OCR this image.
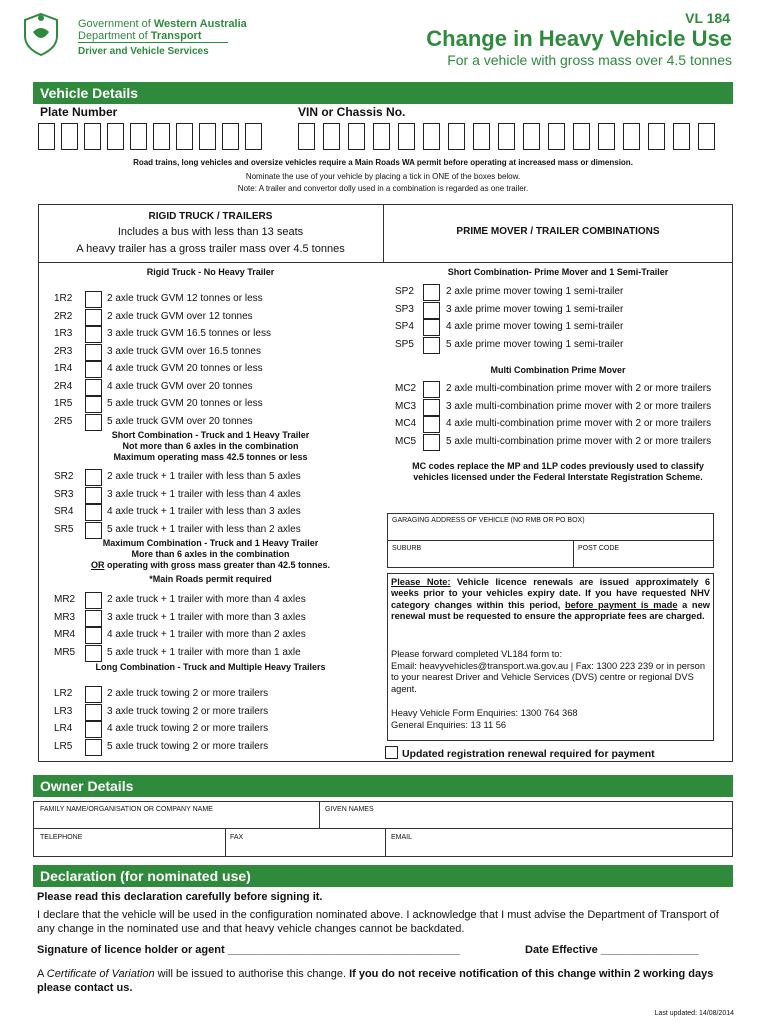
Government of Western Australia
Department of Transport
Driver and Vehicle Services
VL 184
Change in Heavy Vehicle Use
For a vehicle with gross mass over 4.5 tonnes
Vehicle Details
Plate Number	VIN or Chassis No.
Road trains, long vehicles and oversize vehicles require a Main Roads WA permit before operating at increased mass or dimension.
Nominate the use of your vehicle by placing a tick in ONE of the boxes below.
Note: A trailer and convertor dolly used in a combination is regarded as one trailer.
RIGID TRUCK / TRAILERS
Includes a bus with less than 13 seats
A heavy trailer has a gross trailer mass over 4.5 tonnes
PRIME MOVER / TRAILER COMBINATIONS
Rigid Truck - No Heavy Trailer
1R2	2 axle truck GVM 12 tonnes or less
2R2	2 axle truck GVM over 12 tonnes
1R3	3 axle truck GVM 16.5 tonnes or less
2R3	3 axle truck GVM over 16.5 tonnes
1R4	4 axle truck GVM 20 tonnes or less
2R4	4 axle truck GVM over 20 tonnes
1R5	5 axle truck GVM 20 tonnes or less
2R5	5 axle truck GVM over 20 tonnes
Short Combination - Truck and 1 Heavy Trailer
Not more than 6 axles in the combination
Maximum operating mass 42.5 tonnes or less
SR2	2 axle truck + 1 trailer with less than 5 axles
SR3	3 axle truck + 1 trailer with less than 4 axles
SR4	4 axle truck + 1 trailer with less than 3 axles
SR5	5 axle truck + 1 trailer with less than 2 axles
Maximum Combination - Truck and 1 Heavy Trailer
More than 6 axles in the combination
OR operating with gross mass greater than 42.5 tonnes.
*Main Roads permit required
MR2	2 axle truck + 1 trailer with more than 4 axles
MR3	3 axle truck + 1 trailer with more than 3 axles
MR4	4 axle truck + 1 trailer with more than 2 axles
MR5	5 axle truck + 1 trailer with more than 1 axle
Long Combination - Truck and Multiple Heavy Trailers
LR2	2 axle truck towing 2 or more trailers
LR3	3 axle truck towing 2 or more trailers
LR4	4 axle truck towing 2 or more trailers
LR5	5 axle truck towing 2 or more trailers
Short Combination- Prime Mover and 1 Semi-Trailer
SP2	2 axle prime mover towing 1 semi-trailer
SP3	3 axle prime mover towing 1 semi-trailer
SP4	4 axle prime mover towing 1 semi-trailer
SP5	5 axle prime mover towing 1 semi-trailer
Multi Combination Prime Mover
MC2	2 axle multi-combination prime mover with 2 or more trailers
MC3	3 axle multi-combination prime mover with 2 or more trailers
MC4	4 axle multi-combination prime mover with 2 or more trailers
MC5	5 axle multi-combination prime mover with 2 or more trailers
MC codes replace the MP and 1LP codes previously used to classify
vehicles licensed under the Federal Interstate Registration Scheme.
GARAGING ADDRESS OF VEHICLE (NO RMB OR PO BOX)
SUBURB	POST CODE
Please Note: Vehicle licence renewals are issued approximately 6 weeks prior to your vehicles expiry date. If you have requested NHV category changes within this period, before payment is made a new renewal must be requested to ensure the appropriate fees are charged.
Please forward completed VL184 form to:
Email: heavyvehicles@transport.wa.gov.au | Fax: 1300 223 239 or in person to your nearest Driver and Vehicle Services (DVS) centre or regional DVS agent.
Heavy Vehicle Form Enquiries: 1300 764 368
General Enquiries: 13 11 56
Updated registration renewal required for payment
Owner Details
FAMILY NAME/ORGANISATION OR COMPANY NAME	GIVEN NAMES
TELEPHONE	FAX	EMAIL
Declaration (for nominated use)
Please read this declaration carefully before signing it.
I declare that the vehicle will be used in the configuration nominated above. I acknowledge that I must advise the Department of Transport of any change in the nominated use and that heavy vehicle changes cannot be backdated.
Signature of licence holder or agent ______________________________________	Date Effective ________________
A Certificate of Variation will be issued to authorise this change. If you do not receive notification of this change within 2 working days please contact us.
Last updated: 14/08/2014
